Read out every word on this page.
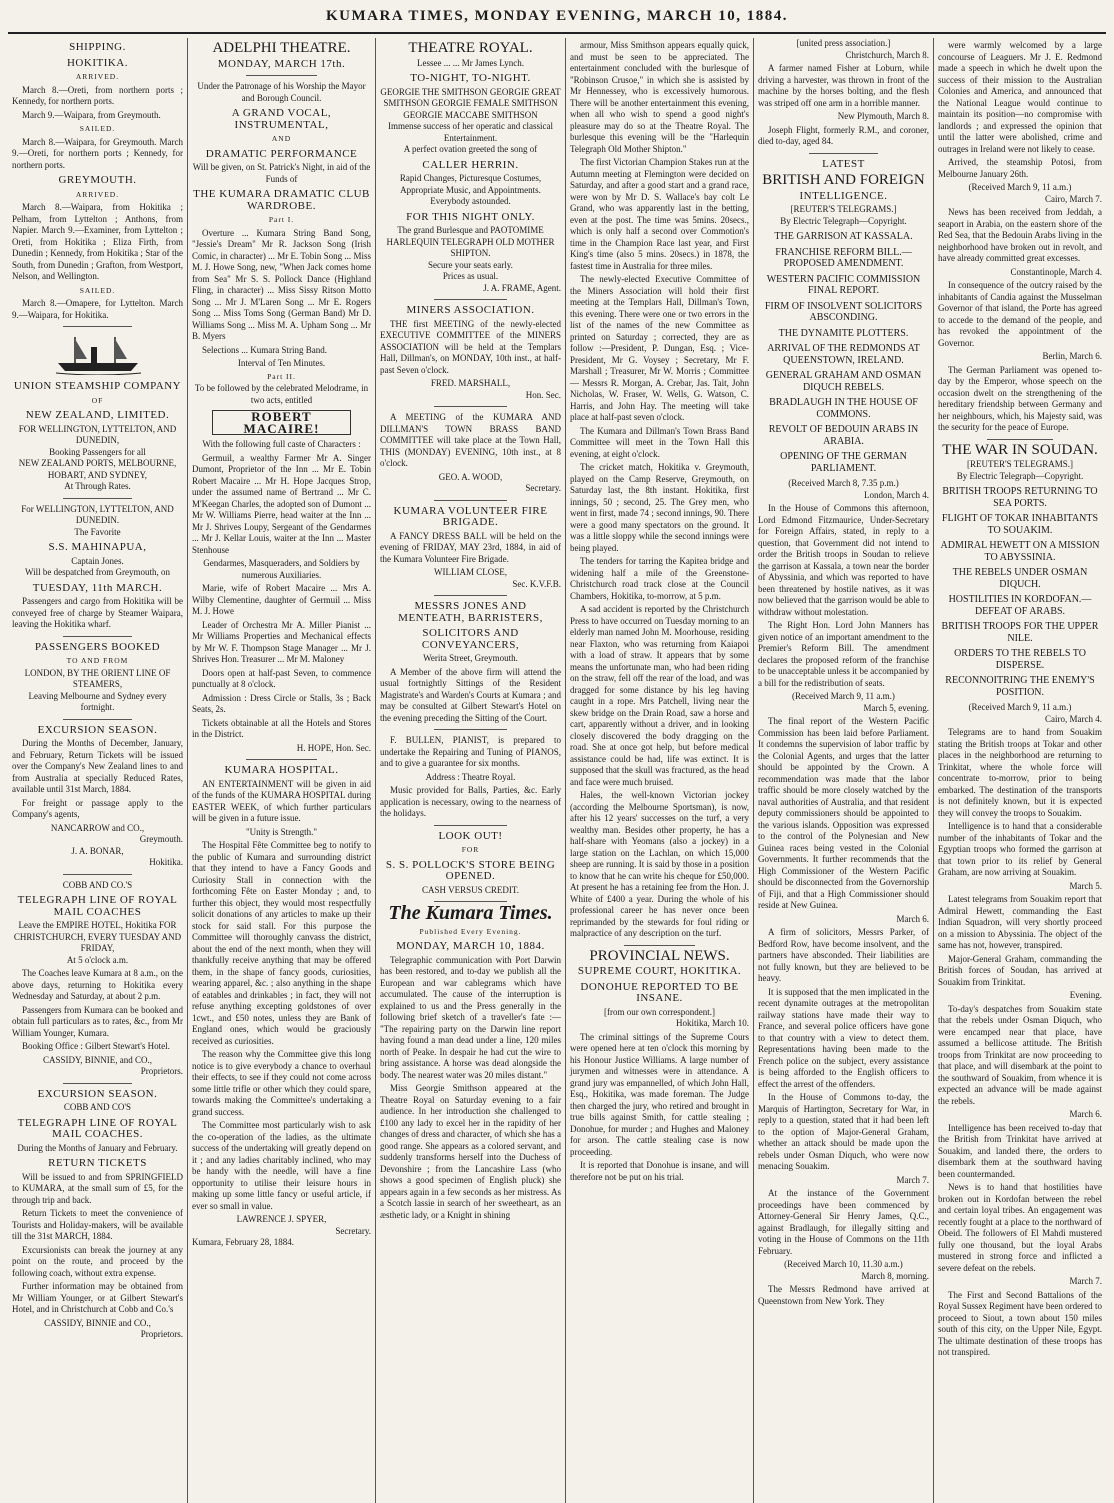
KUMARA TIMES, MONDAY EVENING, MARCH 10, 1884.
SHIPPING.
HOKITIKA.
ARRIVED.

March 8.—Oreti, from northern ports ; Kennedy, for northern ports.

March 9.—Waipara, from Greymouth.

SAILED.

March 8.—Waipara, for Greymouth. March 9.—Oreti, for northern ports ; Kennedy, for northern ports.

GREYMOUTH.
ARRIVED.

March 8.—Waipara, from Hokitika ; Pelham, from Lyttelton ; Anthons, from Napier. March 9.—Examiner, from Lyttelton ; Oreti, from Hokitika ; Eliza Firth, from Dunedin ; Kennedy, from Hokitika ; Star of the South, from Dunedin ; Grafton, from Westport, Nelson, and Wellington.

SAILED.

March 8.—Omapere, for Lyttelton. March 9.—Waipara, for Hokitika.

UNION STEAMSHIP COMPANY
OF
NEW ZEALAND, LIMITED.
FOR WELLINGTON, LYTTELTON, AND DUNEDIN,
Booking Passengers for all
NEW ZEALAND PORTS, MELBOURNE, HOBART, AND SYDNEY,
At Through Rates.
For WELLINGTON, LYTTELTON, AND DUNEDIN.
The Favorite
S.S. MAHINAPUA,
Captain Jones.
Will be despatched from Greymouth, on
TUESDAY, 11th MARCH.

Passengers and cargo from Hokitika will be conveyed free of charge by Steamer Waipara, leaving the Hokitika wharf.

PASSENGERS BOOKED
TO AND FROM
LONDON, BY THE ORIENT LINE OF STEAMERS,
Leaving Melbourne and Sydney every fortnight.
EXCURSION SEASON.

During the Months of December, January, and February, Return Tickets will be issued over the Company's New Zealand lines to and from Australia at specially Reduced Rates, available until 31st March, 1884.

For freight or passage apply to the Company's agents,

NANCARROW and CO.,
Greymouth.
J. A. BONAR,
Hokitika.
COBB AND CO.'S
TELEGRAPH LINE OF ROYAL MAIL COACHES
Leave the EMPIRE HOTEL, Hokitika FOR CHRISTCHURCH, EVERY TUESDAY AND FRIDAY,
At 5 o'clock a.m.

The Coaches leave Kumara at 8 a.m., on the above days, returning to Hokitika every Wednesday and Saturday, at about 2 p.m.

Passengers from Kumara can be booked and obtain full particulars as to rates, &c., from Mr William Younger, Kumara.

Booking Office : Gilbert Stewart's Hotel.

CASSIDY, BINNIE, and CO.,
Proprietors.
EXCURSION SEASON.
COBB AND CO'S
TELEGRAPH LINE OF ROYAL MAIL COACHES.
During the Months of January and February.
RETURN TICKETS

Will be issued to and from SPRINGFIELD to KUMARA, at the small sum of £5, for the through trip and back.

Return Tickets to meet the convenience of Tourists and Holiday-makers, will be available till the 31st MARCH, 1884.

Excursionists can break the journey at any point on the route, and proceed by the following coach, without extra expense.

Further information may be obtained from Mr William Younger, or at Gilbert Stewart's Hotel, and in Christchurch at Cobb and Co.'s

CASSIDY, BINNIE and CO.,
Proprietors.
ADELPHI THEATRE.
MONDAY, MARCH 17th.
Under the Patronage of his Worship the Mayor and Borough Council.
A GRAND VOCAL, INSTRUMENTAL,
AND
DRAMATIC PERFORMANCE
Will be given, on St. Patrick's Night, in aid of the Funds of
THE KUMARA DRAMATIC CLUB WARDROBE.
Part I.

Overture ... Kumara String Band Song, "Jessie's Dream" Mr R. Jackson Song (Irish Comic, in character) ... Mr E. Tobin Song ... Miss M. J. Howe Song, new, "When Jack comes home from Sea" Mr S. S. Pollock Dance (Highland Fling, in character) ... Miss Sissy Ritson Motto Song ... Mr J. M'Laren Song ... Mr E. Rogers Song ... Miss Toms Song (German Band) Mr D. Williams Song ... Miss M. A. Upham Song ... Mr B. Myers

Selections ... Kumara String Band.

Interval of Ten Minutes.
Part II.
To be followed by the celebrated Melodrame, in two acts, entitled
ROBERT MACAIRE!
With the following full caste of Characters :

Germuil, a wealthy Farmer Mr A. Singer Dumont, Proprietor of the Inn ... Mr E. Tobin Robert Macaire ... Mr H. Hope Jacques Strop, under the assumed name of Bertrand ... Mr C. M'Keegan Charles, the adopted son of Dumont ... Mr W. Williams Pierre, head waiter at the Inn ... Mr J. Shrives Loupy, Sergeant of the Gendarmes ... Mr J. Kellar Louis, waiter at the Inn ... Master Stenhouse

Gendarmes, Masqueraders, and Soldiers by numerous Auxiliaries.

Marie, wife of Robert Macaire ... Mrs A. Wilby Clementine, daughter of Germuil ... Miss M. J. Howe

Leader of Orchestra Mr A. Miller Pianist ... Mr Williams Properties and Mechanical effects by Mr W. F. Thompson Stage Manager ... Mr J. Shrives Hon. Treasurer ... Mr M. Maloney

Doors open at half-past Seven, to commence punctually at 8 o'clock.

Admission : Dress Circle or Stalls, 3s ; Back Seats, 2s.

Tickets obtainable at all the Hotels and Stores in the District.

H. HOPE, Hon. Sec.
KUMARA HOSPITAL.

AN ENTERTAINMENT will be given in aid of the funds of the KUMARA HOSPITAL during EASTER WEEK, of which further particulars will be given in a future issue.

"Unity is Strength."

The Hospital Fête Committee beg to notify to the public of Kumara and surrounding district that they intend to have a Fancy Goods and Curiosity Stall in connection with the forthcoming Fête on Easter Monday ; and, to further this object, they would most respectfully solicit donations of any articles to make up their stock for said stall. For this purpose the Committee will thoroughly canvass the district, about the end of the next month, when they will thankfully receive anything that may be offered them, in the shape of fancy goods, curiosities, wearing apparel, &c. ; also anything in the shape of eatables and drinkables ; in fact, they will not refuse anything excepting goldstones of over 1cwt., and £50 notes, unless they are Bank of England ones, which would be graciously received as curiosities.

The reason why the Committee give this long notice is to give everybody a chance to overhaul their effects, to see if they could not come across some little trifle or other which they could spare, towards making the Committee's undertaking a grand success.

The Committee most particularly wish to ask the co-operation of the ladies, as the ultimate success of the undertaking will greatly depend on it ; and any ladies charitably inclined, who may be handy with the needle, will have a fine opportunity to utilise their leisure hours in making up some little fancy or useful article, if ever so small in value.

LAWRENCE J. SPYER,
Secretary.
Kumara, February 28, 1884.
THEATRE ROYAL.
Lessee ... ... Mr James Lynch.
TO-NIGHT, TO-NIGHT.
GEORGIE THE SMITHSON GEORGIE GREAT SMITHSON GEORGIE FEMALE SMITHSON GEORGIE MACCABE SMITHSON
Immense success of her operatic and classical Entertainment.
A perfect ovation greeted the song of
CALLER HERRIN.
Rapid Changes, Picturesque Costumes, Appropriate Music, and Appointments. Everybody astounded.
FOR THIS NIGHT ONLY.
The grand Burlesque and PAOTOMIME HARLEQUIN TELEGRAPH OLD MOTHER SHIPTON.
Secure your seats early.
Prices as usual.
J. A. FRAME, Agent.
MINERS ASSOCIATION.

THE first MEETING of the newly-elected EXECUTIVE COMMITTEE of the MINERS ASSOCIATION will be held at the Templars Hall, Dillman's, on MONDAY, 10th inst., at half-past Seven o'clock.

FRED. MARSHALL,
Hon. Sec.

A MEETING of the KUMARA AND DILLMAN'S TOWN BRASS BAND COMMITTEE will take place at the Town Hall, THIS (MONDAY) EVENING, 10th inst., at 8 o'clock.

GEO. A. WOOD,
Secretary.
KUMARA VOLUNTEER FIRE BRIGADE.

A FANCY DRESS BALL will be held on the evening of FRIDAY, MAY 23rd, 1884, in aid of the Kumara Volunteer Fire Brigade.

WILLIAM CLOSE,
Sec. K.V.F.B.
MESSRS JONES AND MENTEATH, BARRISTERS,
SOLICITORS AND CONVEYANCERS,
Werita Street, Greymouth.

A Member of the above firm will attend the usual fortnightly Sittings of the Resident Magistrate's and Warden's Courts at Kumara ; and may be consulted at Gilbert Stewart's Hotel on the evening preceding the Sitting of the Court.

F. BULLEN, PIANIST, is prepared to undertake the Repairing and Tuning of PIANOS, and to give a guarantee for six months.

Address : Theatre Royal.

Music provided for Balls, Parties, &c. Early application is necessary, owing to the nearness of the holidays.

LOOK OUT!
FOR
S. S. POLLOCK'S STORE BEING OPENED.
CASH VERSUS CREDIT.
The Kumara Times.
Published Every Evening.
MONDAY, MARCH 10, 1884.

Telegraphic communication with Port Darwin has been restored, and to-day we publish all the European and war cablegrams which have accumulated. The cause of the interruption is explained to us and the Press generally in the following brief sketch of a traveller's fate :— "The repairing party on the Darwin line report having found a man dead under a line, 120 miles north of Peake. In despair he had cut the wire to bring assistance. A horse was dead alongside the body. The nearest water was 20 miles distant."

Miss Georgie Smithson appeared at the Theatre Royal on Saturday evening to a fair audience. In her introduction she challenged to £100 any lady to excel her in the rapidity of her changes of dress and character, of which she has a good range. She appears as a colored servant, and suddenly transforms herself into the Duchess of Devonshire ; from the Lancashire Lass (who shows a good specimen of English pluck) she appears again in a few seconds as her mistress. As a Scotch lassie in search of her sweetheart, as an æsthetic lady, or a Knight in shining

armour, Miss Smithson appears equally quick, and must be seen to be appreciated. The entertainment concluded with the burlesque of "Robinson Crusoe," in which she is assisted by Mr Hennessey, who is excessively humorous. There will be another entertainment this evening, when all who wish to spend a good night's pleasure may do so at the Theatre Royal. The burlesque this evening will be the "Harlequin Telegraph Old Mother Shipton."

The first Victorian Champion Stakes run at the Autumn meeting at Flemington were decided on Saturday, and after a good start and a grand race, were won by Mr D. S. Wallace's bay colt Le Grand, who was apparently last in the betting, even at the post. The time was 5mins. 20secs., which is only half a second over Commotion's time in the Champion Race last year, and First King's time (also 5 mins. 20secs.) in 1878, the fastest time in Australia for three miles.

The newly-elected Executive Committee of the Miners Association will hold their first meeting at the Templars Hall, Dillman's Town, this evening. There were one or two errors in the list of the names of the new Committee as printed on Saturday ; corrected, they are as follow :—President, P. Dungan, Esq. ; Vice-President, Mr G. Voysey ; Secretary, Mr F. Marshall ; Treasurer, Mr W. Morris ; Committee — Messrs R. Morgan, A. Crebar, Jas. Tait, John Nicholas, W. Fraser, W. Wells, G. Watson, C. Harris, and John Hay. The meeting will take place at half-past seven o'clock.

The Kumara and Dillman's Town Brass Band Committee will meet in the Town Hall this evening, at eight o'clock.

The cricket match, Hokitika v. Greymouth, played on the Camp Reserve, Greymouth, on Saturday last, the 8th instant. Hokitika, first innings, 50 ; second, 25. The Grey men, who went in first, made 74 ; second innings, 90. There were a good many spectators on the ground. It was a little sloppy while the second innings were being played.

The tenders for tarring the Kapitea bridge and widening half a mile of the Greenstone-Christchurch road track close at the Council Chambers, Hokitika, to-morrow, at 5 p.m.

A sad accident is reported by the Christchurch Press to have occurred on Tuesday morning to an elderly man named John M. Moorhouse, residing near Flaxton, who was returning from Kaiapoi with a load of straw. It appears that by some means the unfortunate man, who had been riding on the straw, fell off the rear of the load, and was dragged for some distance by his leg having caught in a rope. Mrs Patchell, living near the skew bridge on the Drain Road, saw a horse and cart, apparently without a driver, and in looking closely discovered the body dragging on the road. She at once got help, but before medical assistance could be had, life was extinct. It is supposed that the skull was fractured, as the head and face were much bruised.

Hales, the well-known Victorian jockey (according the Melbourne Sportsman), is now, after his 12 years' successes on the turf, a very wealthy man. Besides other property, he has a half-share with Yeomans (also a jockey) in a large station on the Lachlan, on which 15,000 sheep are running. It is said by those in a position to know that he can write his cheque for £50,000. At present he has a retaining fee from the Hon. J. White of £400 a year. During the whole of his professional career he has never once been reprimanded by the stewards for foul riding or malpractice of any description on the turf.

PROVINCIAL NEWS.
SUPREME COURT, HOKITIKA.
DONOHUE REPORTED TO BE INSANE.
[from our own correspondent.]
Hokitika, March 10.

The criminal sittings of the Supreme Cours were opened here at ten o'clock this morning by his Honour Justice Williams. A large number of jurymen and witnesses were in attendance. A grand jury was empannelled, of which John Hall, Esq., Hokitika, was made foreman. The Judge then charged the jury, who retired and brought in true bills against Smith, for cattle stealing ; Donohue, for murder ; and Hughes and Maloney for arson. The cattle stealing case is now proceeding.

It is reported that Donohue is insane, and will therefore not be put on his trial.

[united press association.]
Christchurch, March 8.

A farmer named Fisher at Loburn, while driving a harvester, was thrown in front of the machine by the horses bolting, and the flesh was striped off one arm in a horrible manner.

New Plymouth, March 8.

Joseph Flight, formerly R.M., and coroner, died to-day, aged 84.

LATEST
BRITISH AND FOREIGN
INTELLIGENCE.
[REUTER'S TELEGRAMS.]
By Electric Telegraph—Copyright.
THE GARRISON AT KASSALA.
FRANCHISE REFORM BILL.—PROPOSED AMENDMENT.
WESTERN PACIFIC COMMISSION FINAL REPORT.
FIRM OF INSOLVENT SOLICITORS ABSCONDING.
THE DYNAMITE PLOTTERS.
ARRIVAL OF THE REDMONDS AT QUEENSTOWN, IRELAND.
GENERAL GRAHAM AND OSMAN DIQUCH REBELS.
BRADLAUGH IN THE HOUSE OF COMMONS.
REVOLT OF BEDOUIN ARABS IN ARABIA.
OPENING OF THE GERMAN PARLIAMENT.
(Received March 8, 7.35 p.m.)
London, March 4.

In the House of Commons this afternoon, Lord Edmond Fitzmaurice, Under-Secretary for Foreign Affairs, stated, in reply to a question, that Government did not intend to order the British troops in Soudan to relieve the garrison at Kassala, a town near the border of Abyssinia, and which was reported to have been threatened by hostile natives, as it was now believed that the garrison would be able to withdraw without molestation.

The Right Hon. Lord John Manners has given notice of an important amendment to the Premier's Reform Bill. The amendment declares the proposed reform of the franchise to be unacceptable unless it be accompanied by a bill for the redistribution of seats.

(Received March 9, 11 a.m.)
March 5, evening.

The final report of the Western Pacific Commission has been laid before Parliament. It condemns the supervision of labor traffic by the Colonial Agents, and urges that the latter should be appointed by the Crown. A recommendation was made that the labor traffic should be more closely watched by the naval authorities of Australia, and that resident deputy commissioners should be appointed to the various islands. Opposition was expressed to the control of the Polynesian and New Guinea races being vested in the Colonial Governments. It further recommends that the High Commissioner of the Western Pacific should be disconnected from the Governorship of Fiji, and that a High Commissioner should reside at New Guinea.

March 6.

A firm of solicitors, Messrs Parker, of Bedford Row, have become insolvent, and the partners have absconded. Their liabilities are not fully known, but they are believed to be heavy.

It is supposed that the men implicated in the recent dynamite outrages at the metropolitan railway stations have made their way to France, and several police officers have gone to that country with a view to detect them. Representations having been made to the French police on the subject, every assistance is being afforded to the English officers to effect the arrest of the offenders.

In the House of Commons to-day, the Marquis of Hartington, Secretary for War, in reply to a question, stated that it had been left to the option of Major-General Graham, whether an attack should be made upon the rebels under Osman Diquch, who were now menacing Souakim.

March 7.

At the instance of the Government proceedings have been commenced by Attorney-General Sir Henry James, Q.C., against Bradlaugh, for illegally sitting and voting in the House of Commons on the 11th February.

(Received March 10, 11.30 a.m.)
March 8, morning.

The Messrs Redmond have arrived at Queenstown from New York. They

were warmly welcomed by a large concourse of Leaguers. Mr J. E. Redmond made a speech in which he dwelt upon the success of their mission to the Australian Colonies and America, and announced that the National League would continue to maintain its position—no compromise with landlords ; and expressed the opinion that until the latter were abolished, crime and outrages in Ireland were not likely to cease.

Arrived, the steamship Potosi, from Melbourne January 26th.

(Received March 9, 11 a.m.)
Cairo, March 7.

News has been received from Jeddah, a seaport in Arabia, on the eastern shore of the Red Sea, that the Bedouin Arabs living in the neighborhood have broken out in revolt, and have already committed great excesses.

Constantinople, March 4.

In consequence of the outcry raised by the inhabitants of Candia against the Musselman Governor of that island, the Porte has agreed to accede to the demand of the people, and has revoked the appointment of the Governor.

Berlin, March 6.

The German Parliament was opened to-day by the Emperor, whose speech on the occasion dwelt on the strengthening of the hereditary friendship between Germany and her neighbours, which, his Majesty said, was the security for the peace of Europe.

THE WAR IN SOUDAN.
[REUTER'S TELEGRAMS.]
By Electric Telegraph—Copyright.
BRITISH TROOPS RETURNING TO SEA PORTS.
FLIGHT OF TOKAR INHABITANTS TO SOUAKIM.
ADMIRAL HEWETT ON A MISSION TO ABYSSINIA.
THE REBELS UNDER OSMAN DIQUCH.
HOSTILITIES IN KORDOFAN.—DEFEAT OF ARABS.
BRITISH TROOPS FOR THE UPPER NILE.
ORDERS TO THE REBELS TO DISPERSE.
RECONNOITRING THE ENEMY'S POSITION.
(Received March 9, 11 a.m.)
Cairo, March 4.

Telegrams are to hand from Souakim stating the British troops at Tokar and other places in the neighborhood are returning to Trinkitat, where the whole force will concentrate to-morrow, prior to being embarked. The destination of the transports is not definitely known, but it is expected they will convey the troops to Souakim.

Intelligence is to hand that a considerable number of the inhabitants of Tokar and the Egyptian troops who formed the garrison at that town prior to its relief by General Graham, are now arriving at Souakim.

March 5.

Latest telegrams from Souakim report that Admiral Hewett, commanding the East Indian Squadron, will very shortly proceed on a mission to Abyssinia. The object of the same has not, however, transpired.

Major-General Graham, commanding the British forces of Soudan, has arrived at Souakim from Trinkitat.

Evening.

To-day's despatches from Souakim state that the rebels under Osman Diquch, who were encamped near that place, have assumed a bellicose attitude. The British troops from Trinkitat are now proceeding to that place, and will disembark at the point to the southward of Souakim, from whence it is expected an advance will be made against the rebels.

March 6.

Intelligence has been received to-day that the British from Trinkitat have arrived at Souakim, and landed there, the orders to disembark them at the southward having been countermanded.

News is to hand that hostilities have broken out in Kordofan between the rebel and certain loyal tribes. An engagement was recently fought at a place to the northward of Obeid. The followers of El Mahdi mustered fully one thousand, but the loyal Arabs mustered in strong force and inflicted a severe defeat on the rebels.

March 7.

The First and Second Battalions of the Royal Sussex Regiment have been ordered to proceed to Siout, a town about 150 miles south of this city, on the Upper Nile, Egypt. The ultimate destination of these troops has not transpired.
